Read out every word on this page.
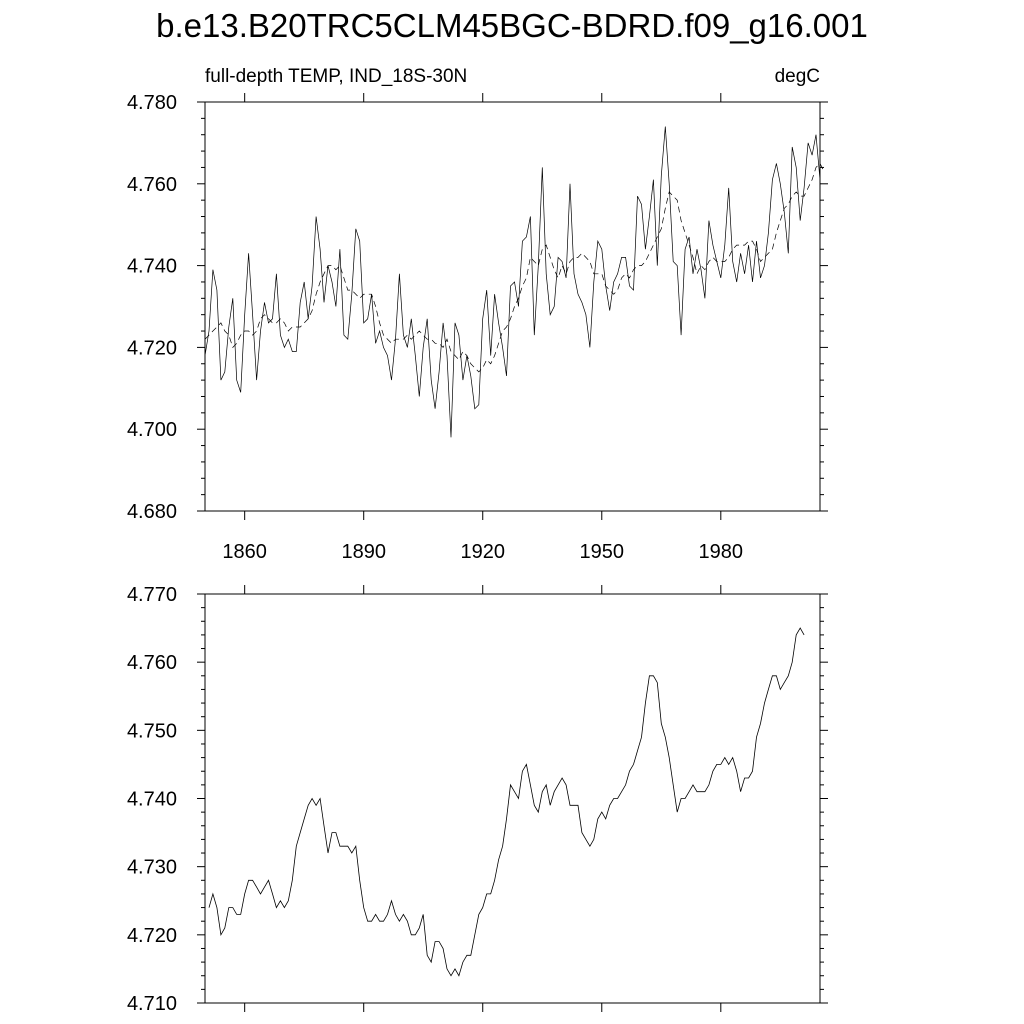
b.e13.B20TRC5CLM45BGC-BDRD.f09_g16.001
full-depth TEMP, IND_18S-30N	degC
4.680
4.700
4.720
4.740
4.760
4.780
1860	1890	1920	1950	1980
4.710
4.720
4.730
4.740
4.750
4.760
4.770
